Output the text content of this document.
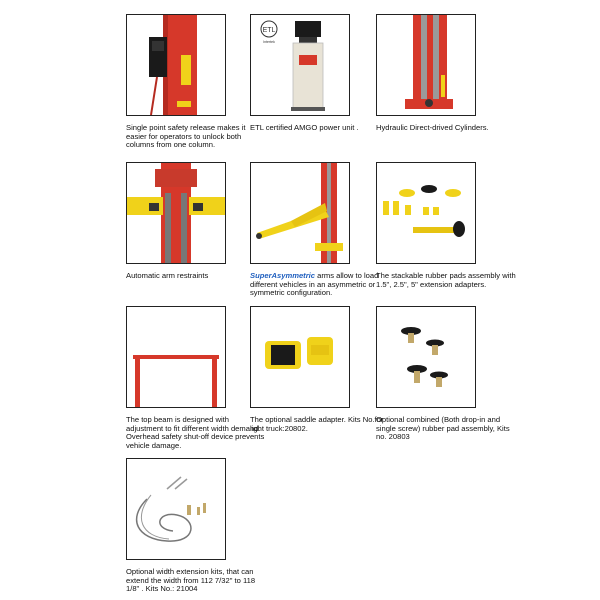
Single point safety release makes it easier for operators to unlock both columns from one column.
ETL
Intertek
ETL certified AMGO power unit .	Hydraulic Direct-drived Cylinders.
Automatic arm restraints	SuperAsymmetric arms allow to load different vehicles in an asymmetric or symmetric configuration.
The stackable rubber pads assembly with 1.5", 2.5", 5" extension adapters.
The top beam is designed with adjustment to fit different width demand. Overhead safety shut-off device prevents vehicle damage.
The optional saddle adapter. Kits No.for light truck:20802.
Optional combined (Both drop-in and single screw) rubber pad assembly, Kits no. 20803
Optional width extension kits, that can extend the width from 112 7/32" to 118 1/8" . Kits No.: 21004
